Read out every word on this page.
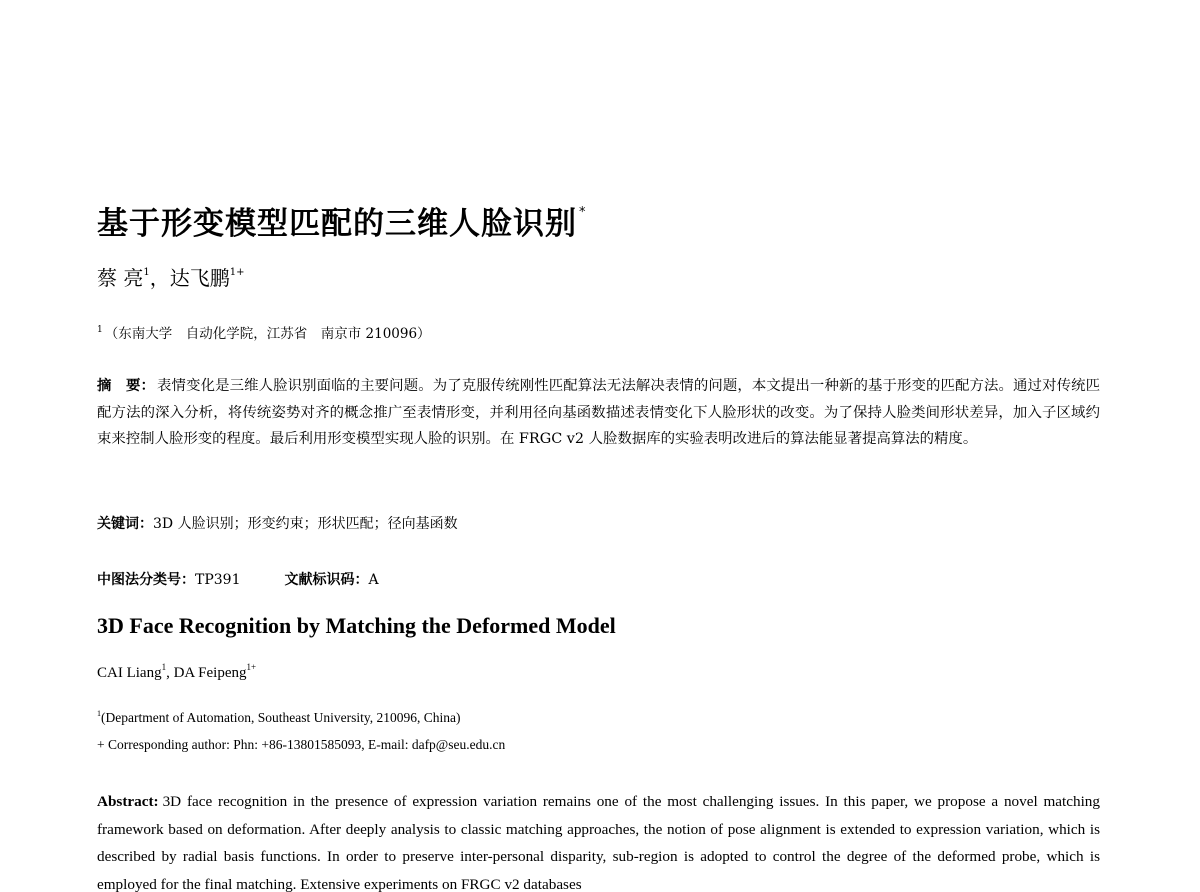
基于形变模型匹配的三维人脸识别 *
蔡 亮$^1$，达飞鹏$^{1+}$
$^1$ （东南大学　自动化学院，江苏省　南京市 210096）
摘　要： 表情变化是三维人脸识别面临的主要问题。为了克服传统刚性匹配算法无法解决表情的问题，本文提出一种新的基于形变的匹配方法。通过对传统匹配方法的深入分析，将传统姿势对齐的概念推广至表情形变，并利用径向基函数描述表情变化下人脸形状的改变。为了保持人脸类间形状差异，加入子区域约束来控制人脸形变的程度。最后利用形变模型实现人脸的识别。在 FRGC v2 人脸数据库的实验表明改进后的算法能显著提高算法的精度。
关键词：3D 人脸识别；形变约束；形状匹配；径向基函数
中图法分类号：TP391	文献标识码：A
3D Face Recognition by Matching the Deformed Model
CAI Liang$^1$, DA Feipeng$^{1+}$
$^1$(Department of Automation, Southeast University, 210096, China)
+ Corresponding author: Phn: +86-13801585093, E-mail: dafp@seu.edu.cn
Abstract: 3D face recognition in the presence of expression variation remains one of the most challenging issues. In this paper, we propose a novel matching framework based on deformation. After deeply analysis to classic matching approaches, the notion of pose alignment is extended to expression variation, which is described by radial basis functions. In order to preserve inter-personal disparity, sub-region is adopted to control the degree of the deformed probe, which is employed for the final matching. Extensive experiments on FRGC v2 databases
